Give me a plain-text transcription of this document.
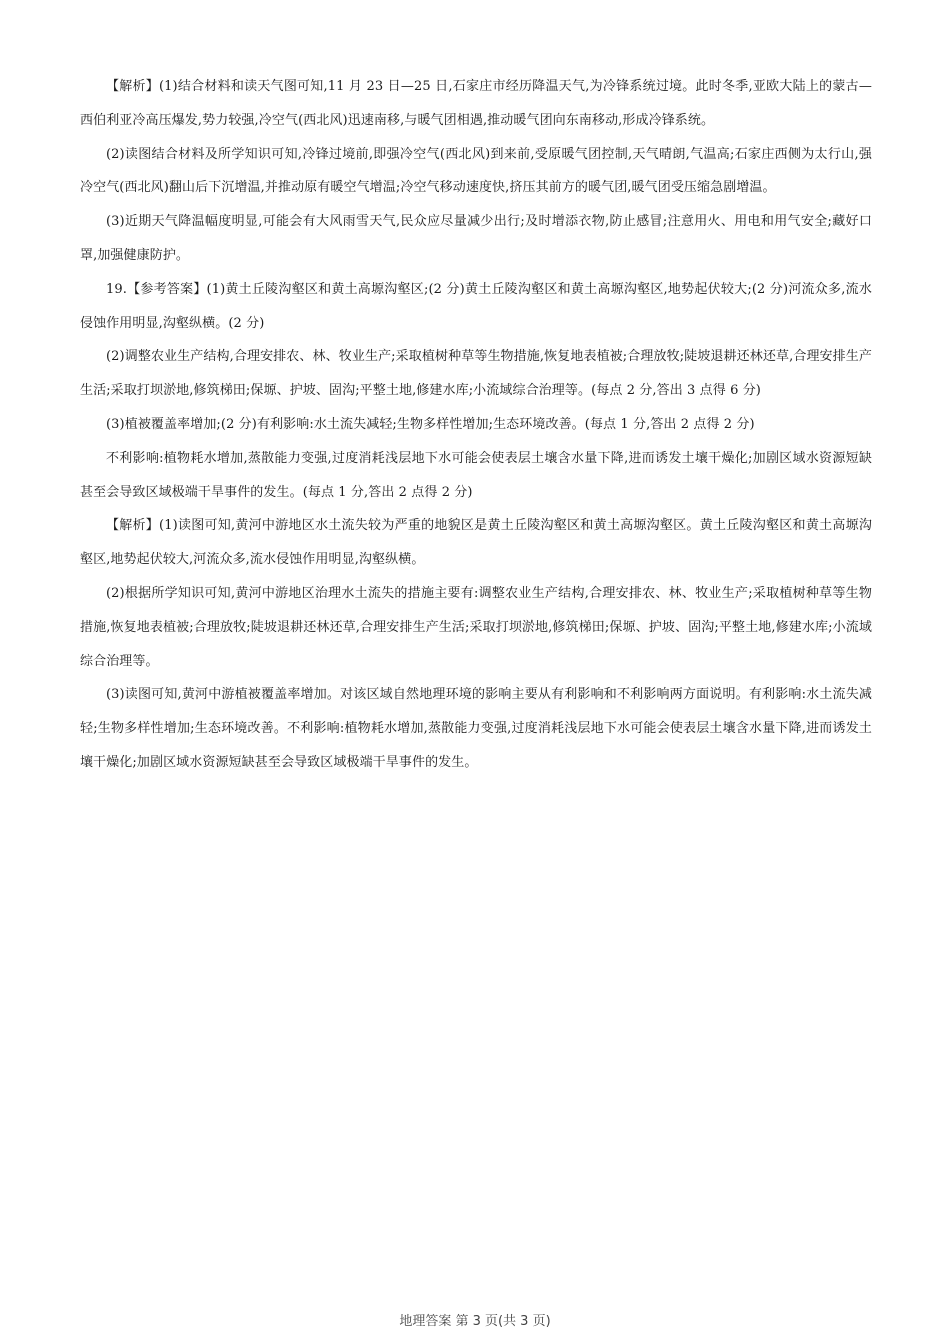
【解析】(1)结合材料和读天气图可知,11 月 23 日—25 日,石家庄市经历降温天气,为冷锋系统过境。此时冬季,亚欧大陆上的蒙古—西伯利亚冷高压爆发,势力较强,冷空气(西北风)迅速南移,与暖气团相遇,推动暖气团向东南移动,形成冷锋系统。

(2)读图结合材料及所学知识可知,冷锋过境前,即强冷空气(西北风)到来前,受原暖气团控制,天气晴朗,气温高;石家庄西侧为太行山,强冷空气(西北风)翻山后下沉增温,并推动原有暖空气增温;冷空气移动速度快,挤压其前方的暖气团,暖气团受压缩急剧增温。

(3)近期天气降温幅度明显,可能会有大风雨雪天气,民众应尽量减少出行;及时增添衣物,防止感冒;注意用火、用电和用气安全;藏好口罩,加强健康防护。

19.【参考答案】(1)黄土丘陵沟壑区和黄土高塬沟壑区;(2 分)黄土丘陵沟壑区和黄土高塬沟壑区,地势起伏较大;(2 分)河流众多,流水侵蚀作用明显,沟壑纵横。(2 分)

(2)调整农业生产结构,合理安排农、林、牧业生产;采取植树种草等生物措施,恢复地表植被;合理放牧;陡坡退耕还林还草,合理安排生产生活;采取打坝淤地,修筑梯田;保塬、护坡、固沟;平整土地,修建水库;小流域综合治理等。(每点 2 分,答出 3 点得 6 分)

(3)植被覆盖率增加;(2 分)有利影响:水土流失减轻;生物多样性增加;生态环境改善。(每点 1 分,答出 2 点得 2 分)

不利影响:植物耗水增加,蒸散能力变强,过度消耗浅层地下水可能会使表层土壤含水量下降,进而诱发土壤干燥化;加剧区域水资源短缺甚至会导致区域极端干旱事件的发生。(每点 1 分,答出 2 点得 2 分)

【解析】(1)读图可知,黄河中游地区水土流失较为严重的地貌区是黄土丘陵沟壑区和黄土高塬沟壑区。黄土丘陵沟壑区和黄土高塬沟壑区,地势起伏较大,河流众多,流水侵蚀作用明显,沟壑纵横。

(2)根据所学知识可知,黄河中游地区治理水土流失的措施主要有:调整农业生产结构,合理安排农、林、牧业生产;采取植树种草等生物措施,恢复地表植被;合理放牧;陡坡退耕还林还草,合理安排生产生活;采取打坝淤地,修筑梯田;保塬、护坡、固沟;平整土地,修建水库;小流域综合治理等。

(3)读图可知,黄河中游植被覆盖率增加。对该区域自然地理环境的影响主要从有利影响和不利影响两方面说明。有利影响:水土流失减轻;生物多样性增加;生态环境改善。不利影响:植物耗水增加,蒸散能力变强,过度消耗浅层地下水可能会使表层土壤含水量下降,进而诱发土壤干燥化;加剧区域水资源短缺甚至会导致区域极端干旱事件的发生。

地理答案 第 3 页(共 3 页)
